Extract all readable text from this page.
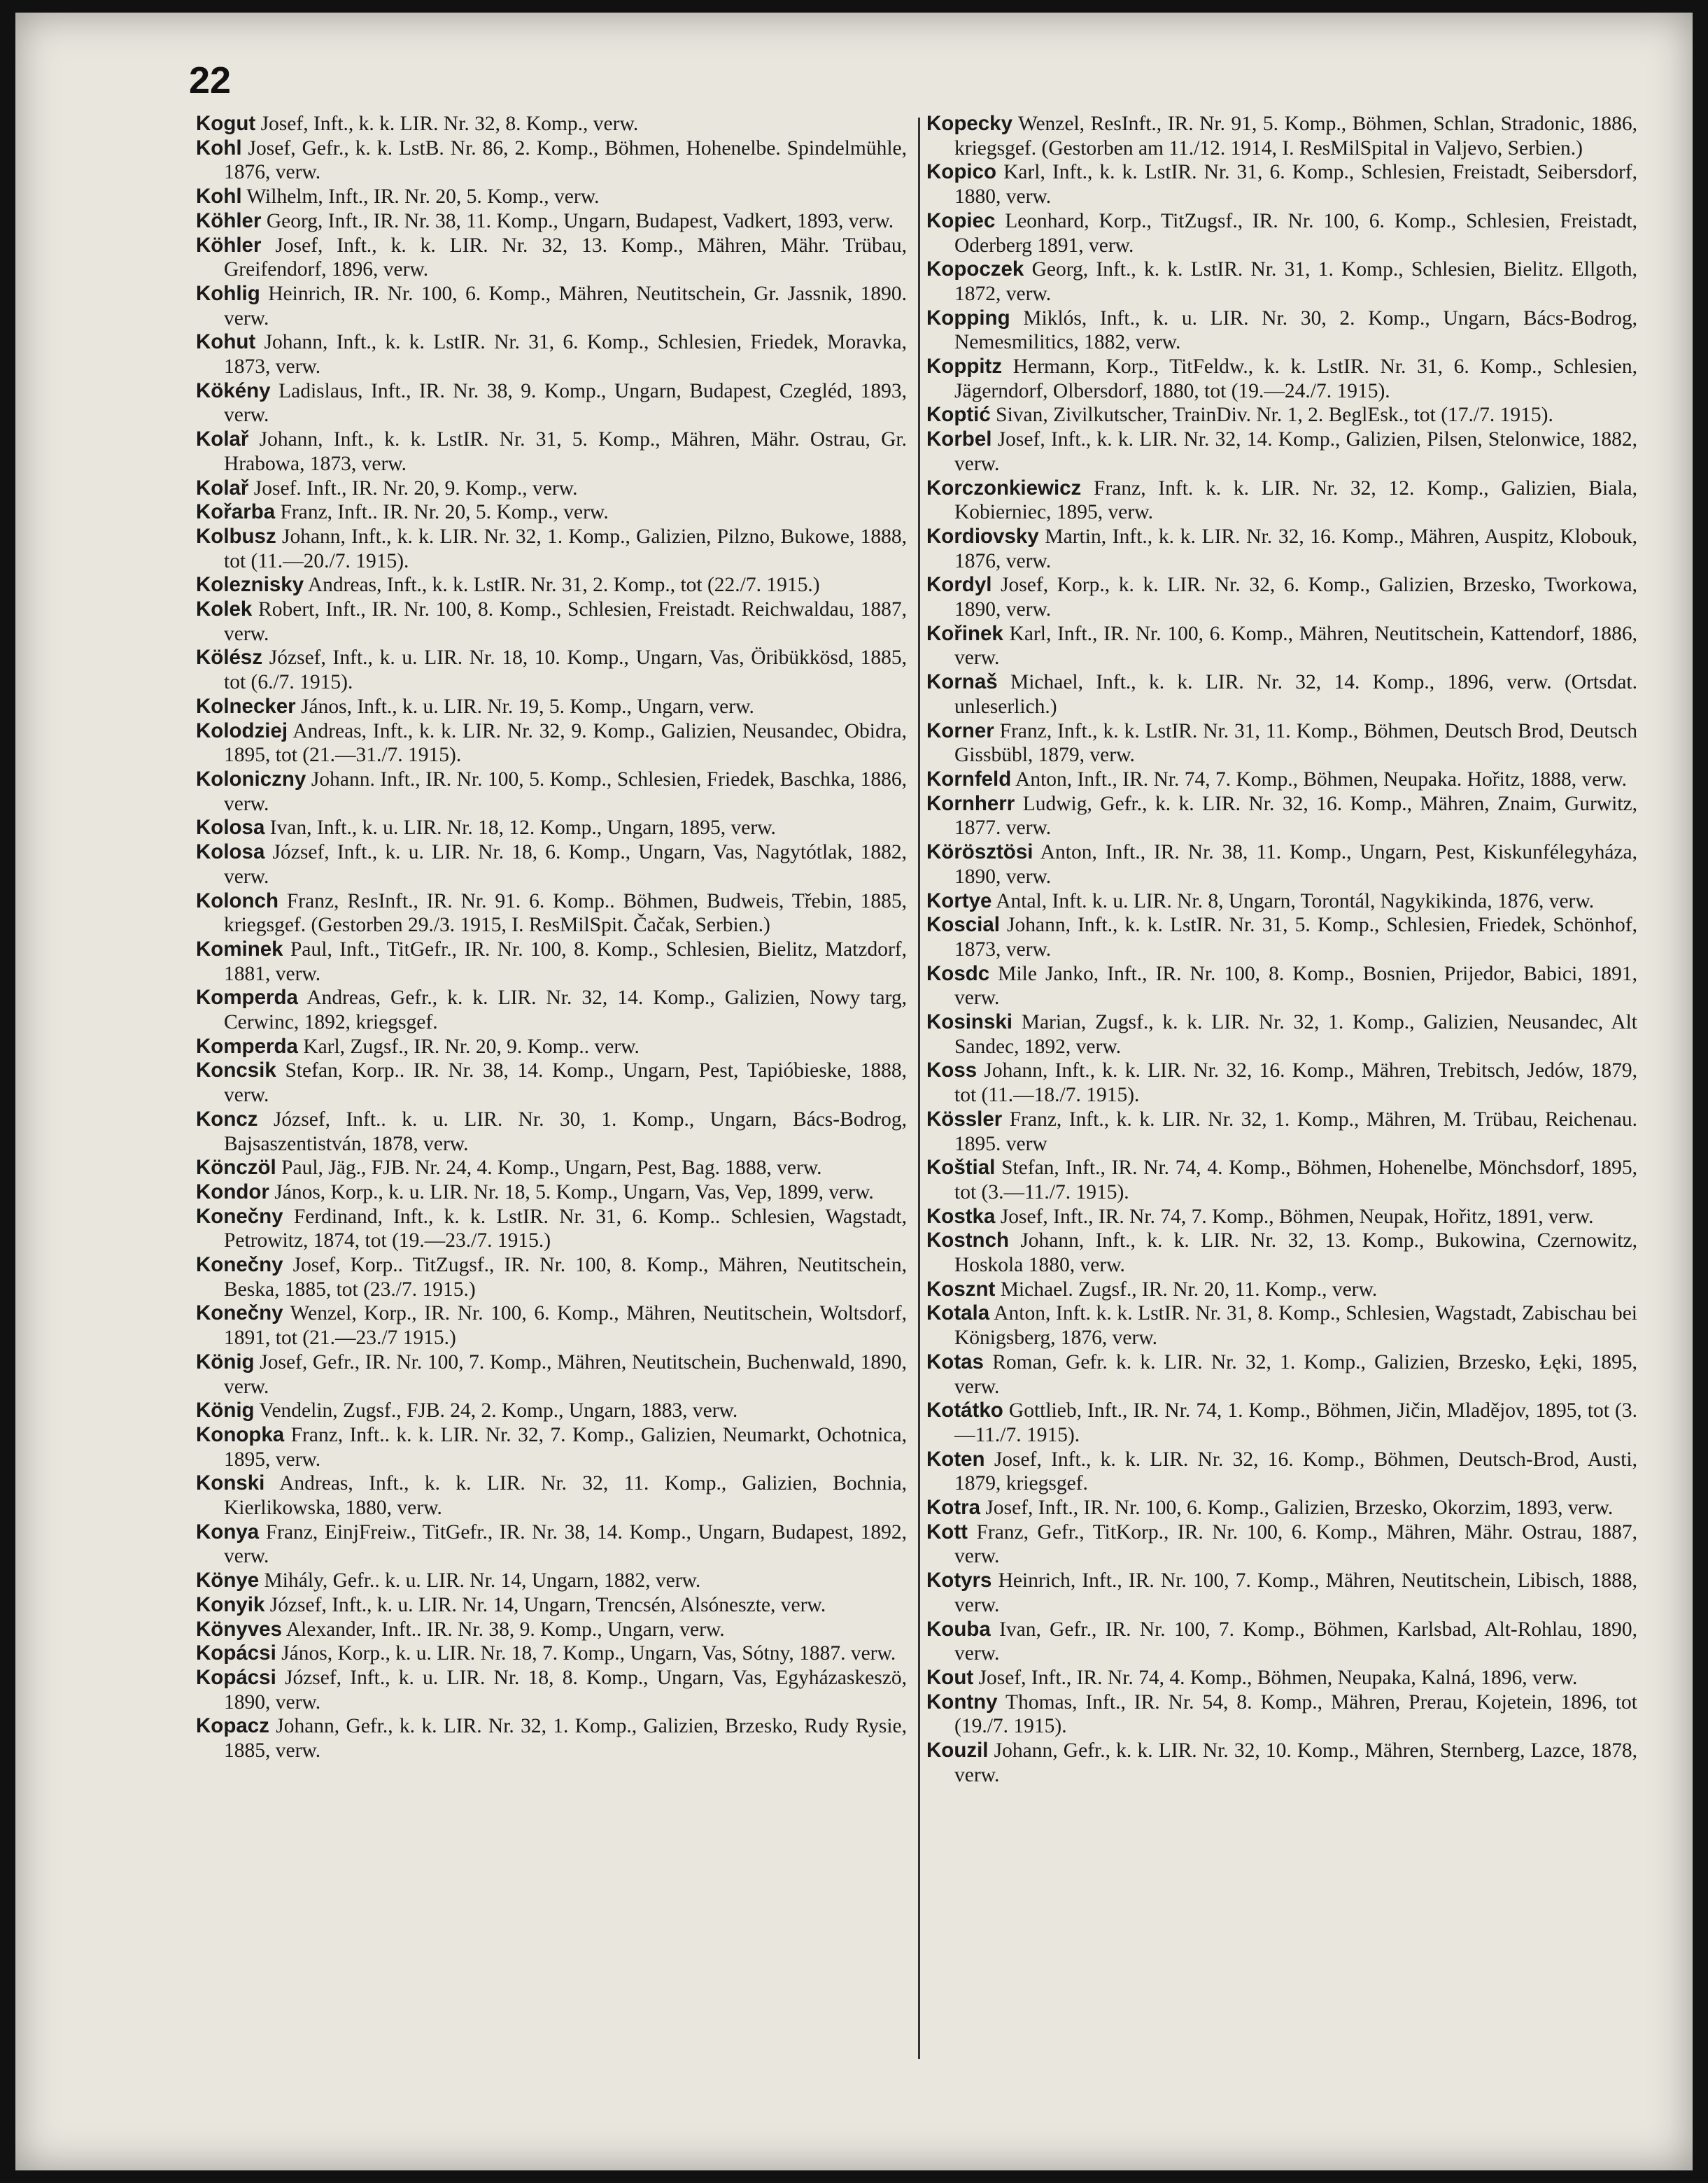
22

Kogut Josef, Inft., k. k. LIR. Nr. 32, 8. Komp., verw.

Kohl Josef, Gefr., k. k. LstB. Nr. 86, 2. Komp., Böhmen, Hohenelbe. Spindelmühle, 1876, verw.

Kohl Wilhelm, Inft., IR. Nr. 20, 5. Komp., verw.

Köhler Georg, Inft., IR. Nr. 38, 11. Komp., Ungarn, Budapest, Vadkert, 1893, verw.

Köhler Josef, Inft., k. k. LIR. Nr. 32, 13. Komp., Mähren, Mähr. Trübau, Greifendorf, 1896, verw.

Kohlig Heinrich, IR. Nr. 100, 6. Komp., Mähren, Neutitschein, Gr. Jassnik, 1890. verw.

Kohut Johann, Inft., k. k. LstIR. Nr. 31, 6. Komp., Schlesien, Friedek, Moravka, 1873, verw.

Kökény Ladislaus, Inft., IR. Nr. 38, 9. Komp., Ungarn, Budapest, Czegléd, 1893, verw.

Kolař Johann, Inft., k. k. LstIR. Nr. 31, 5. Komp., Mähren, Mähr. Ostrau, Gr. Hrabowa, 1873, verw.

Kolař Josef. Inft., IR. Nr. 20, 9. Komp., verw.

Kořarba Franz, Inft.. IR. Nr. 20, 5. Komp., verw.

Kolbusz Johann, Inft., k. k. LIR. Nr. 32, 1. Komp., Galizien, Pilzno, Bukowe, 1888, tot (11.—20./7. 1915).

Koleznisky Andreas, Inft., k. k. LstIR. Nr. 31, 2. Komp., tot (22./7. 1915.)

Kolek Robert, Inft., IR. Nr. 100, 8. Komp., Schlesien, Freistadt. Reichwaldau, 1887, verw.

Kölész József, Inft., k. u. LIR. Nr. 18, 10. Komp., Ungarn, Vas, Öribükkösd, 1885, tot (6./7. 1915).

Kolnecker János, Inft., k. u. LIR. Nr. 19, 5. Komp., Ungarn, verw.

Kolodziej Andreas, Inft., k. k. LIR. Nr. 32, 9. Komp., Galizien, Neusandec, Obidra, 1895, tot (21.—31./7. 1915).

Koloniczny Johann. Inft., IR. Nr. 100, 5. Komp., Schlesien, Friedek, Baschka, 1886, verw.

Kolosa Ivan, Inft., k. u. LIR. Nr. 18, 12. Komp., Ungarn, 1895, verw.

Kolosa József, Inft., k. u. LIR. Nr. 18, 6. Komp., Ungarn, Vas, Nagytótlak, 1882, verw.

Kolonch Franz, ResInft., IR. Nr. 91. 6. Komp.. Böhmen, Budweis, Třebin, 1885, kriegsgef. (Gestorben 29./3. 1915, I. ResMilSpit. Čačak, Serbien.)

Kominek Paul, Inft., TitGefr., IR. Nr. 100, 8. Komp., Schlesien, Bielitz, Matzdorf, 1881, verw.

Komperda Andreas, Gefr., k. k. LIR. Nr. 32, 14. Komp., Galizien, Nowy targ, Cerwinc, 1892, kriegsgef.

Komperda Karl, Zugsf., IR. Nr. 20, 9. Komp.. verw.

Koncsik Stefan, Korp.. IR. Nr. 38, 14. Komp., Ungarn, Pest, Tapióbieske, 1888, verw.

Koncz József, Inft.. k. u. LIR. Nr. 30, 1. Komp., Ungarn, Bács-Bodrog, Bajsaszentistván, 1878, verw.

Könczöl Paul, Jäg., FJB. Nr. 24, 4. Komp., Ungarn, Pest, Bag. 1888, verw.

Kondor János, Korp., k. u. LIR. Nr. 18, 5. Komp., Ungarn, Vas, Vep, 1899, verw.

Konečny Ferdinand, Inft., k. k. LstIR. Nr. 31, 6. Komp.. Schlesien, Wagstadt, Petrowitz, 1874, tot (19.—23./7. 1915.)

Konečny Josef, Korp.. TitZugsf., IR. Nr. 100, 8. Komp., Mähren, Neutitschein, Beska, 1885, tot (23./7. 1915.)

Konečny Wenzel, Korp., IR. Nr. 100, 6. Komp., Mähren, Neutitschein, Woltsdorf, 1891, tot (21.—23./7 1915.)

König Josef, Gefr., IR. Nr. 100, 7. Komp., Mähren, Neutitschein, Buchenwald, 1890, verw.

König Vendelin, Zugsf., FJB. 24, 2. Komp., Ungarn, 1883, verw.

Konopka Franz, Inft.. k. k. LIR. Nr. 32, 7. Komp., Galizien, Neumarkt, Ochotnica, 1895, verw.

Konski Andreas, Inft., k. k. LIR. Nr. 32, 11. Komp., Galizien, Bochnia, Kierlikowska, 1880, verw.

Konya Franz, EinjFreiw., TitGefr., IR. Nr. 38, 14. Komp., Ungarn, Budapest, 1892, verw.

Könye Mihály, Gefr.. k. u. LIR. Nr. 14, Ungarn, 1882, verw.

Konyik József, Inft., k. u. LIR. Nr. 14, Ungarn, Trencsén, Alsóneszte, verw.

Könyves Alexander, Inft.. IR. Nr. 38, 9. Komp., Ungarn, verw.

Kopácsi János, Korp., k. u. LIR. Nr. 18, 7. Komp., Ungarn, Vas, Sótny, 1887. verw.

Kopácsi József, Inft., k. u. LIR. Nr. 18, 8. Komp., Ungarn, Vas, Egyházaskeszö, 1890, verw.

Kopacz Johann, Gefr., k. k. LIR. Nr. 32, 1. Komp., Galizien, Brzesko, Rudy Rysie, 1885, verw.

Kopecky Wenzel, ResInft., IR. Nr. 91, 5. Komp., Böhmen, Schlan, Stradonic, 1886, kriegsgef. (Gestorben am 11./12. 1914, I. ResMilSpital in Valjevo, Serbien.)

Kopico Karl, Inft., k. k. LstIR. Nr. 31, 6. Komp., Schlesien, Freistadt, Seibersdorf, 1880, verw.

Kopiec Leonhard, Korp., TitZugsf., IR. Nr. 100, 6. Komp., Schlesien, Freistadt, Oderberg 1891, verw.

Kopoczek Georg, Inft., k. k. LstIR. Nr. 31, 1. Komp., Schlesien, Bielitz. Ellgoth, 1872, verw.

Kopping Miklós, Inft., k. u. LIR. Nr. 30, 2. Komp., Ungarn, Bács-Bodrog, Nemesmilitics, 1882, verw.

Koppitz Hermann, Korp., TitFeldw., k. k. LstIR. Nr. 31, 6. Komp., Schlesien, Jägerndorf, Olbersdorf, 1880, tot (19.—24./7. 1915).

Koptić Sivan, Zivilkutscher, TrainDiv. Nr. 1, 2. BeglEsk., tot (17./7. 1915).

Korbel Josef, Inft., k. k. LIR. Nr. 32, 14. Komp., Galizien, Pilsen, Stelonwice, 1882, verw.

Korczonkiewicz Franz, Inft. k. k. LIR. Nr. 32, 12. Komp., Galizien, Biala, Kobierniec, 1895, verw.

Kordiovsky Martin, Inft., k. k. LIR. Nr. 32, 16. Komp., Mähren, Auspitz, Klobouk, 1876, verw.

Kordyl Josef, Korp., k. k. LIR. Nr. 32, 6. Komp., Galizien, Brzesko, Tworkowa, 1890, verw.

Kořinek Karl, Inft., IR. Nr. 100, 6. Komp., Mähren, Neutitschein, Kattendorf, 1886, verw.

Kornaš Michael, Inft., k. k. LIR. Nr. 32, 14. Komp., 1896, verw. (Ortsdat. unleserlich.)

Korner Franz, Inft., k. k. LstIR. Nr. 31, 11. Komp., Böhmen, Deutsch Brod, Deutsch Gissbübl, 1879, verw.

Kornfeld Anton, Inft., IR. Nr. 74, 7. Komp., Böhmen, Neupaka. Hořitz, 1888, verw.

Kornherr Ludwig, Gefr., k. k. LIR. Nr. 32, 16. Komp., Mähren, Znaim, Gurwitz, 1877. verw.

Körösztösi Anton, Inft., IR. Nr. 38, 11. Komp., Ungarn, Pest, Kiskunfélegyháza, 1890, verw.

Kortye Antal, Inft. k. u. LIR. Nr. 8, Ungarn, Torontál, Nagykikinda, 1876, verw.

Koscial Johann, Inft., k. k. LstIR. Nr. 31, 5. Komp., Schlesien, Friedek, Schönhof, 1873, verw.

Kosdc Mile Janko, Inft., IR. Nr. 100, 8. Komp., Bosnien, Prijedor, Babici, 1891, verw.

Kosinski Marian, Zugsf., k. k. LIR. Nr. 32, 1. Komp., Galizien, Neusandec, Alt Sandec, 1892, verw.

Koss Johann, Inft., k. k. LIR. Nr. 32, 16. Komp., Mähren, Trebitsch, Jedów, 1879, tot (11.—18./7. 1915).

Kössler Franz, Inft., k. k. LIR. Nr. 32, 1. Komp., Mähren, M. Trübau, Reichenau. 1895. verw

Koštial Stefan, Inft., IR. Nr. 74, 4. Komp., Böhmen, Hohenelbe, Mönchsdorf, 1895, tot (3.—11./7. 1915).

Kostka Josef, Inft., IR. Nr. 74, 7. Komp., Böhmen, Neupak, Hořitz, 1891, verw.

Kostnch Johann, Inft., k. k. LIR. Nr. 32, 13. Komp., Bukowina, Czernowitz, Hoskola 1880, verw.

Kosznt Michael. Zugsf., IR. Nr. 20, 11. Komp., verw.

Kotala Anton, Inft. k. k. LstIR. Nr. 31, 8. Komp., Schlesien, Wagstadt, Zabischau bei Königsberg, 1876, verw.

Kotas Roman, Gefr. k. k. LIR. Nr. 32, 1. Komp., Galizien, Brzesko, Łęki, 1895, verw.

Kotátko Gottlieb, Inft., IR. Nr. 74, 1. Komp., Böhmen, Jičin, Mladějov, 1895, tot (3.—11./7. 1915).

Koten Josef, Inft., k. k. LIR. Nr. 32, 16. Komp., Böhmen, Deutsch-Brod, Austi, 1879, kriegsgef.

Kotra Josef, Inft., IR. Nr. 100, 6. Komp., Galizien, Brzesko, Okorzim, 1893, verw.

Kott Franz, Gefr., TitKorp., IR. Nr. 100, 6. Komp., Mähren, Mähr. Ostrau, 1887, verw.

Kotyrs Heinrich, Inft., IR. Nr. 100, 7. Komp., Mähren, Neutitschein, Libisch, 1888, verw.

Kouba Ivan, Gefr., IR. Nr. 100, 7. Komp., Böhmen, Karlsbad, Alt-Rohlau, 1890, verw.

Kout Josef, Inft., IR. Nr. 74, 4. Komp., Böhmen, Neupaka, Kalná, 1896, verw.

Kontny Thomas, Inft., IR. Nr. 54, 8. Komp., Mähren, Prerau, Kojetein, 1896, tot (19./7. 1915).

Kouzil Johann, Gefr., k. k. LIR. Nr. 32, 10. Komp., Mähren, Sternberg, Lazce, 1878, verw.
